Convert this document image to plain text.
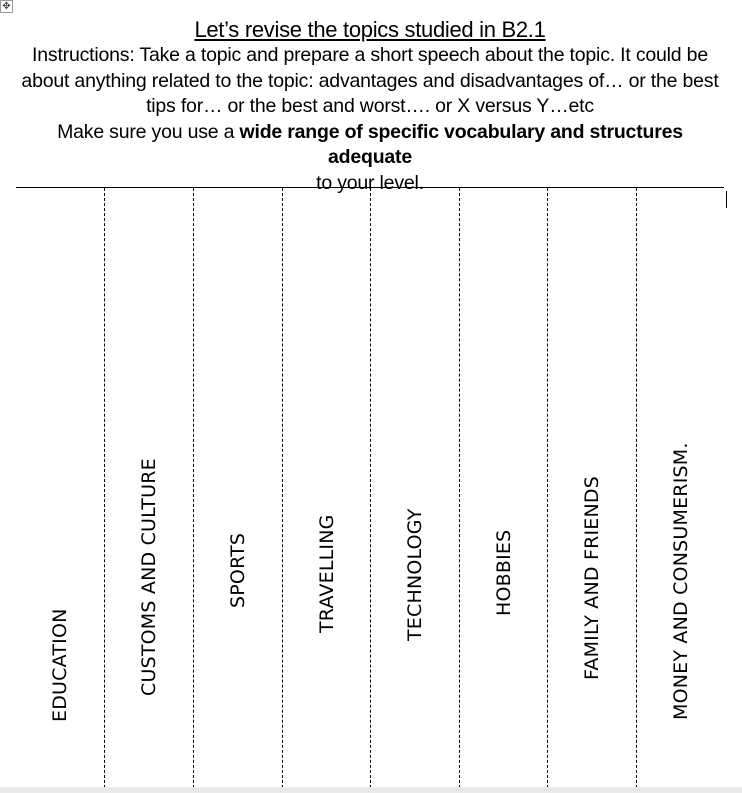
✥
Let’s revise the topics studied in B2.1

Instructions: Take a topic and prepare a short speech about the topic. It could be
about anything related to the topic: advantages and disadvantages of… or the best
tips for… or the best and worst…. or X versus Y…etc

Make sure you use a wide range of specific vocabulary and structures adequate
to your level.

EDUCATION	CUSTOMS AND CULTURE	SPORTS	TRAVELLING	TECHNOLOGY	HOBBIES	FAMILY AND FRIENDS	MONEY AND CONSUMERISM.
